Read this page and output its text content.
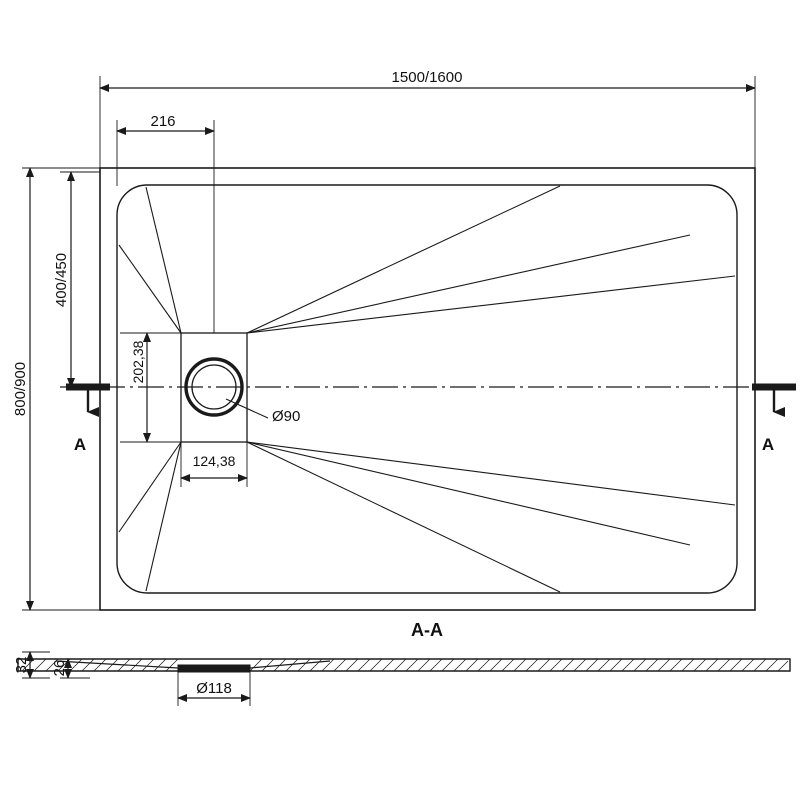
1500/1600
216
400/450
800/900	202,38
124,38
Ø90
A	A
A-A
32 26
Ø118
